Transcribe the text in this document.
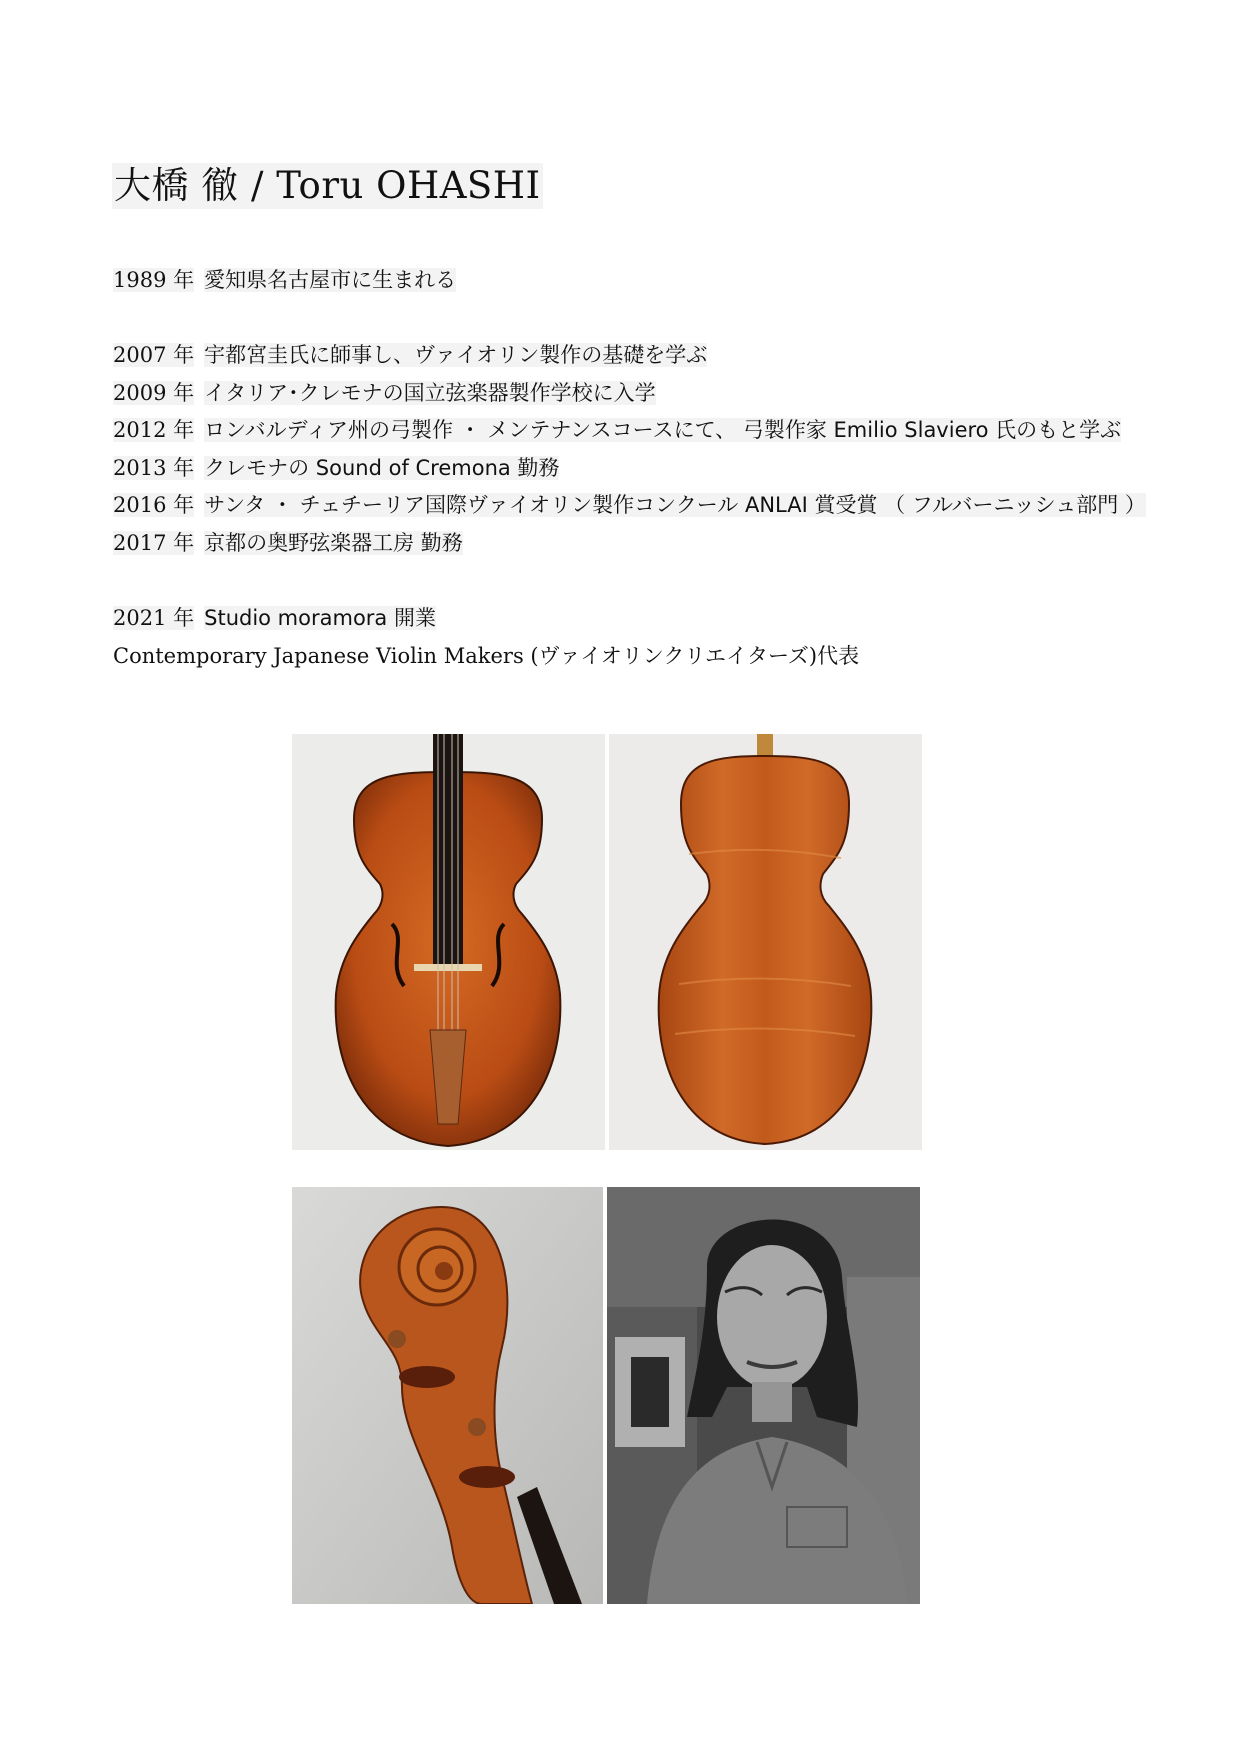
大橋 徹 / Toru OHASHI
1989 年 愛知県名古屋市に生まれる
2007 年 宇都宮圭氏に師事し、ヴァイオリン製作の基礎を学ぶ
2009 年 イタリア･クレモナの国立弦楽器製作学校に入学
2012 年 ロンバルディア州の弓製作 ・ メンテナンスコースにて、 弓製作家 Emilio Slaviero 氏のもと学ぶ
2013 年 クレモナの Sound of Cremona 勤務
2016 年 サンタ ・ チェチーリア国際ヴァイオリン製作コンクール ANLAI 賞受賞 （ フルバーニッシュ部門 ）
2017 年 京都の奥野弦楽器工房 勤務
2021 年 Studio moramora 開業
Contemporary Japanese Violin Makers (ヴァイオリンクリエイターズ)代表
